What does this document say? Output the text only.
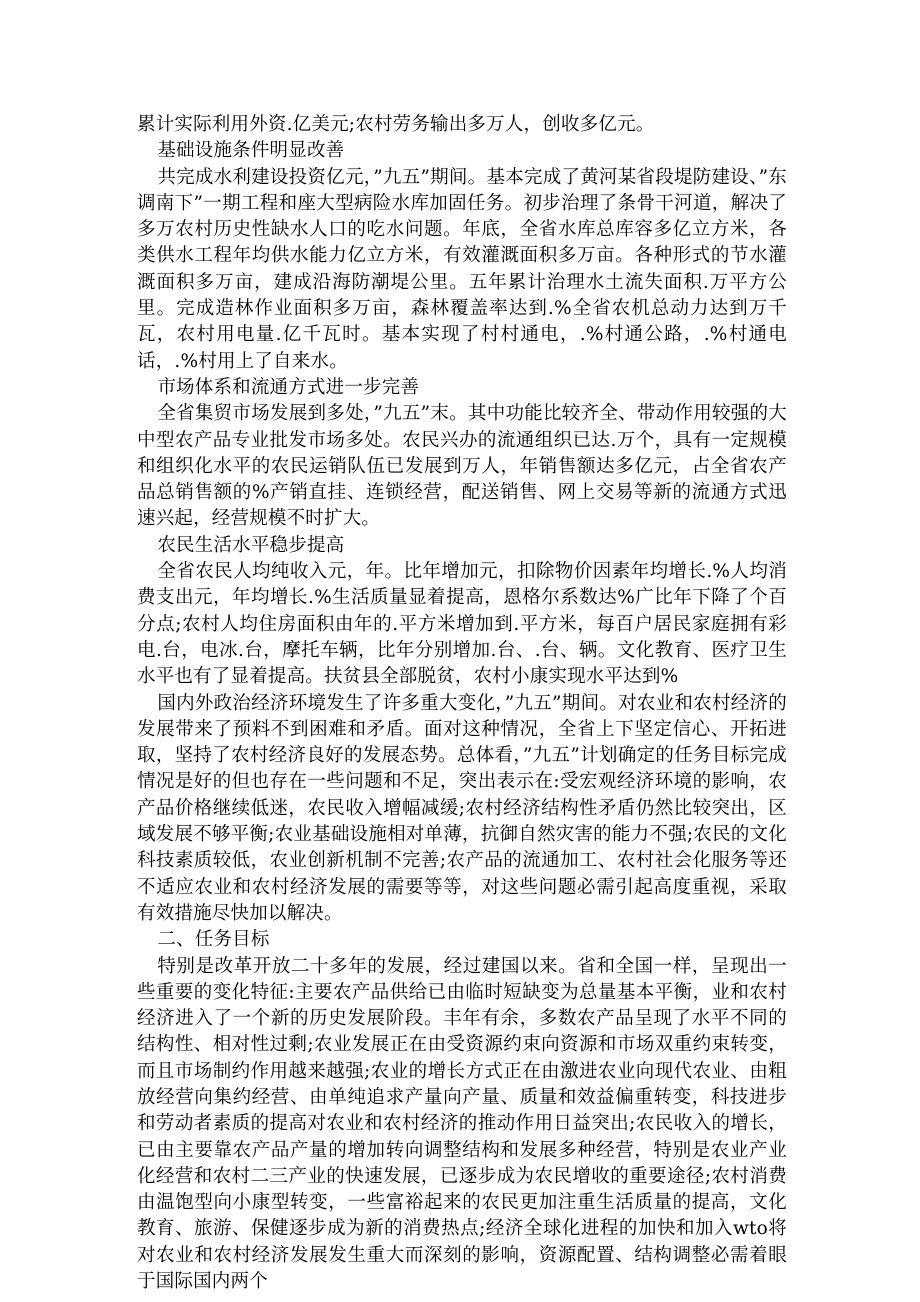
累计实际利用外资.亿美元;农村劳务输出多万人，创收多亿元。

基础设施条件明显改善

共完成水利建设投资亿元，”九五”期间。基本完成了黄河某省段堤防建设、”东调南下”一期工程和座大型病险水库加固任务。初步治理了条骨干河道，解决了多万农村历史性缺水人口的吃水问题。年底，全省水库总库容多亿立方米，各类供水工程年均供水能力亿立方米，有效灌溉面积多万亩。各种形式的节水灌溉面积多万亩，建成沿海防潮堤公里。五年累计治理水土流失面积.万平方公里。完成造林作业面积多万亩，森林覆盖率达到.%全省农机总动力达到万千瓦，农村用电量.亿千瓦时。基本实现了村村通电，.%村通公路，.%村通电话，.%村用上了自来水。

市场体系和流通方式进一步完善

全省集贸市场发展到多处，”九五”末。其中功能比较齐全、带动作用较强的大中型农产品专业批发市场多处。农民兴办的流通组织已达.万个，具有一定规模和组织化水平的农民运销队伍已发展到万人，年销售额达多亿元，占全省农产品总销售额的%产销直挂、连锁经营，配送销售、网上交易等新的流通方式迅速兴起，经营规模不时扩大。

农民生活水平稳步提高

全省农民人均纯收入元，年。比年增加元，扣除物价因素年均增长.%人均消费支出元，年均增长.%生活质量显着提高，恩格尔系数达%广比年下降了个百分点;农村人均住房面积由年的.平方米增加到.平方米，每百户居民家庭拥有彩电.台，电冰.台，摩托车辆，比年分别增加.台、.台、辆。文化教育、医疗卫生水平也有了显着提高。扶贫县全部脱贫，农村小康实现水平达到%

国内外政治经济环境发生了许多重大变化，”九五”期间。对农业和农村经济的发展带来了预料不到困难和矛盾。面对这种情况，全省上下坚定信心、开拓进取，坚持了农村经济良好的发展态势。总体看，”九五”计划确定的任务目标完成情况是好的但也存在一些问题和不足，突出表示在:受宏观经济环境的影响，农产品价格继续低迷，农民收入增幅减缓;农村经济结构性矛盾仍然比较突出，区域发展不够平衡;农业基础设施相对单薄，抗御自然灾害的能力不强;农民的文化科技素质较低，农业创新机制不完善;农产品的流通加工、农村社会化服务等还不适应农业和农村经济发展的需要等等，对这些问题必需引起高度重视，采取有效措施尽快加以解决。

二、任务目标

特别是改革开放二十多年的发展，经过建国以来。省和全国一样，呈现出一些重要的变化特征:主要农产品供给已由临时短缺变为总量基本平衡，业和农村经济进入了一个新的历史发展阶段。丰年有余，多数农产品呈现了水平不同的结构性、相对性过剩;农业发展正在由受资源约束向资源和市场双重约束转变，而且市场制约作用越来越强;农业的增长方式正在由激进农业向现代农业、由粗放经营向集约经营、由单纯追求产量向产量、质量和效益偏重转变，科技进步和劳动者素质的提高对农业和农村经济的推动作用日益突出;农民收入的增长，已由主要靠农产品产量的增加转向调整结构和发展多种经营，特别是农业产业化经营和农村二三产业的快速发展，已逐步成为农民增收的重要途径;农村消费由温饱型向小康型转变，一些富裕起来的农民更加注重生活质量的提高，文化教育、旅游、保健逐步成为新的消费热点;经济全球化进程的加快和加入wto将对农业和农村经济发展发生重大而深刻的影响，资源配置、结构调整必需着眼于国际国内两个
